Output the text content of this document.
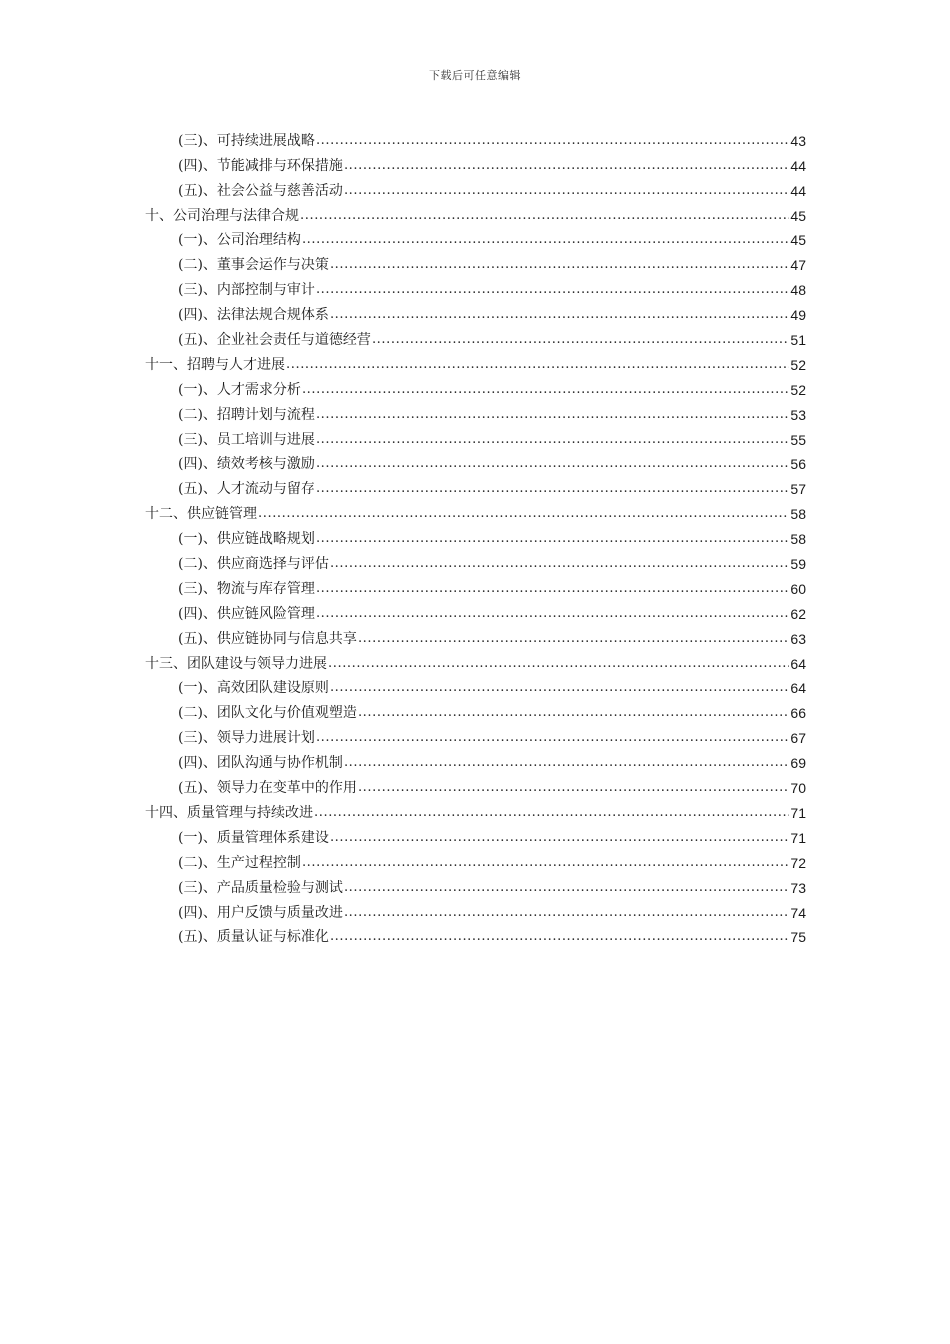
下载后可任意编辑
(三)、可持续进展战略 .....	43
(四)、节能减排与环保措施 .....	44
(五)、社会公益与慈善活动 .....	44
十、公司治理与法律合规 .....	45
(一)、公司治理结构 .....	45
(二)、董事会运作与决策 .....	47
(三)、内部控制与审计 .....	48
(四)、法律法规合规体系 .....	49
(五)、企业社会责任与道德经营 .....	51
十一、招聘与人才进展 .....	52
(一)、人才需求分析 .....	52
(二)、招聘计划与流程 .....	53
(三)、员工培训与进展 .....	55
(四)、绩效考核与激励 .....	56
(五)、人才流动与留存 .....	57
十二、供应链管理 .....	58
(一)、供应链战略规划 .....	58
(二)、供应商选择与评估 .....	59
(三)、物流与库存管理 .....	60
(四)、供应链风险管理 .....	62
(五)、供应链协同与信息共享 .....	63
十三、团队建设与领导力进展 .....	64
(一)、高效团队建设原则 .....	64
(二)、团队文化与价值观塑造 .....	66
(三)、领导力进展计划 .....	67
(四)、团队沟通与协作机制 .....	69
(五)、领导力在变革中的作用 .....	70
十四、质量管理与持续改进 .....	71
(一)、质量管理体系建设 .....	71
(二)、生产过程控制 .....	72
(三)、产品质量检验与测试 .....	73
(四)、用户反馈与质量改进 .....	74
(五)、质量认证与标准化 .....	75
